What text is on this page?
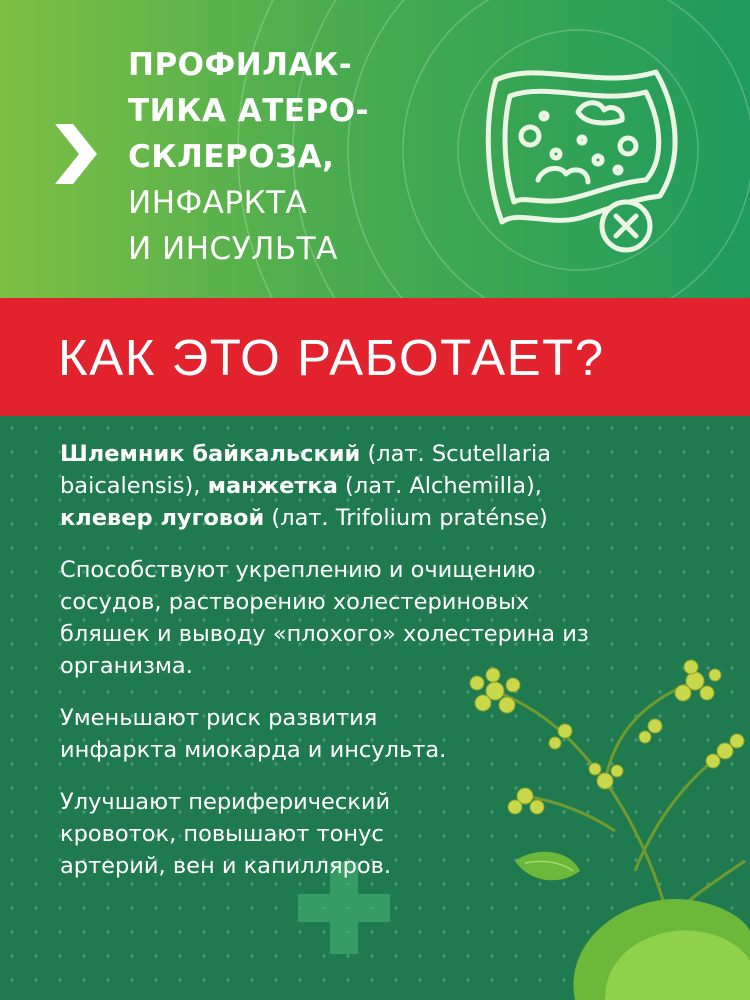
ПРОФИЛАК-
ТИКА АТЕРО-
СКЛЕРОЗА,
ИНФАРКТА
И ИНСУЛЬТА
КАК ЭТО РАБОТАЕТ?

Шлемник байкальский (лат. Scutellaria baicalensis), манжетка (лат. Alchemilla),
клевер луговой (лат. Trifolium praténse)

Способствуют укреплению и очищению сосудов, растворению холестериновых бляшек и выводу «плохого» холестерина из организма.

Уменьшают риск развития инфаркта миокарда и инсульта.

Улучшают периферический кровоток, повышают тонус артерий, вен и капилляров.
